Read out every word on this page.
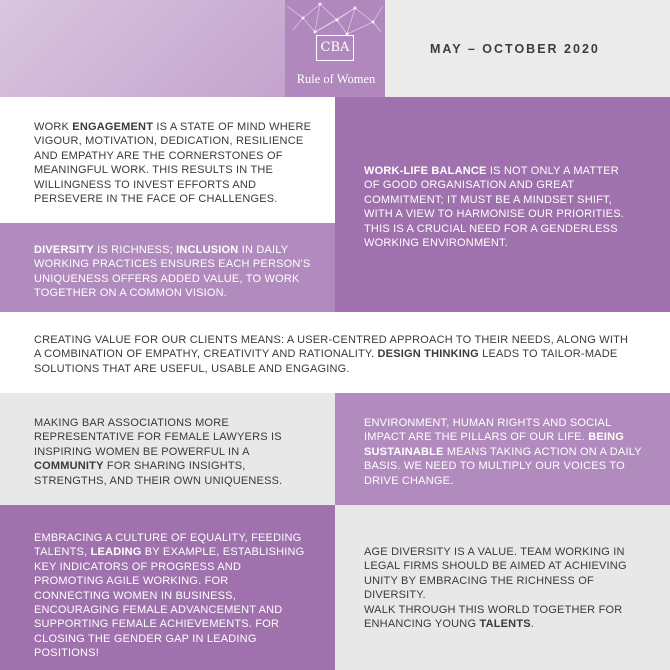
CBA
Rule of Women
MAY – OCTOBER 2020
WORK ENGAGEMENT IS A STATE OF MIND WHERE VIGOUR, MOTIVATION, DEDICATION, RESILIENCE AND EMPATHY ARE THE CORNERSTONES OF MEANINGFUL WORK. THIS RESULTS IN THE WILLINGNESS TO INVEST EFFORTS AND PERSEVERE IN THE FACE OF CHALLENGES.
WORK-LIFE BALANCE IS NOT ONLY A MATTER OF GOOD ORGANISATION AND GREAT COMMITMENT; IT MUST BE A MINDSET SHIFT, WITH A VIEW TO HARMONISE OUR PRIORITIES. THIS IS A CRUCIAL NEED FOR A GENDERLESS WORKING ENVIRONMENT.
DIVERSITY IS RICHNESS; INCLUSION IN DAILY WORKING PRACTICES ENSURES EACH PERSON'S UNIQUENESS OFFERS ADDED VALUE, TO WORK TOGETHER ON A COMMON VISION.
CREATING VALUE FOR OUR CLIENTS MEANS: A USER-CENTRED APPROACH TO THEIR NEEDS, ALONG WITH A COMBINATION OF EMPATHY, CREATIVITY AND RATIONALITY. DESIGN THINKING LEADS TO TAILOR-MADE SOLUTIONS THAT ARE USEFUL, USABLE AND ENGAGING.
MAKING BAR ASSOCIATIONS MORE REPRESENTATIVE FOR FEMALE LAWYERS IS INSPIRING WOMEN BE POWERFUL IN A COMMUNITY FOR SHARING INSIGHTS, STRENGTHS, AND THEIR OWN UNIQUENESS.
ENVIRONMENT, HUMAN RIGHTS AND SOCIAL IMPACT ARE THE PILLARS OF OUR LIFE. BEING SUSTAINABLE MEANS TAKING ACTION ON A DAILY BASIS. WE NEED TO MULTIPLY OUR VOICES TO DRIVE CHANGE.
EMBRACING A CULTURE OF EQUALITY, FEEDING TALENTS, LEADING BY EXAMPLE, ESTABLISHING KEY INDICATORS OF PROGRESS AND PROMOTING AGILE WORKING. FOR CONNECTING WOMEN IN BUSINESS, ENCOURAGING FEMALE ADVANCEMENT AND SUPPORTING FEMALE ACHIEVEMENTS. FOR CLOSING THE GENDER GAP IN LEADING POSITIONS!
AGE DIVERSITY IS A VALUE. TEAM WORKING IN LEGAL FIRMS SHOULD BE AIMED AT ACHIEVING UNITY BY EMBRACING THE RICHNESS OF DIVERSITY.
WALK THROUGH THIS WORLD TOGETHER FOR ENHANCING YOUNG TALENTS.
